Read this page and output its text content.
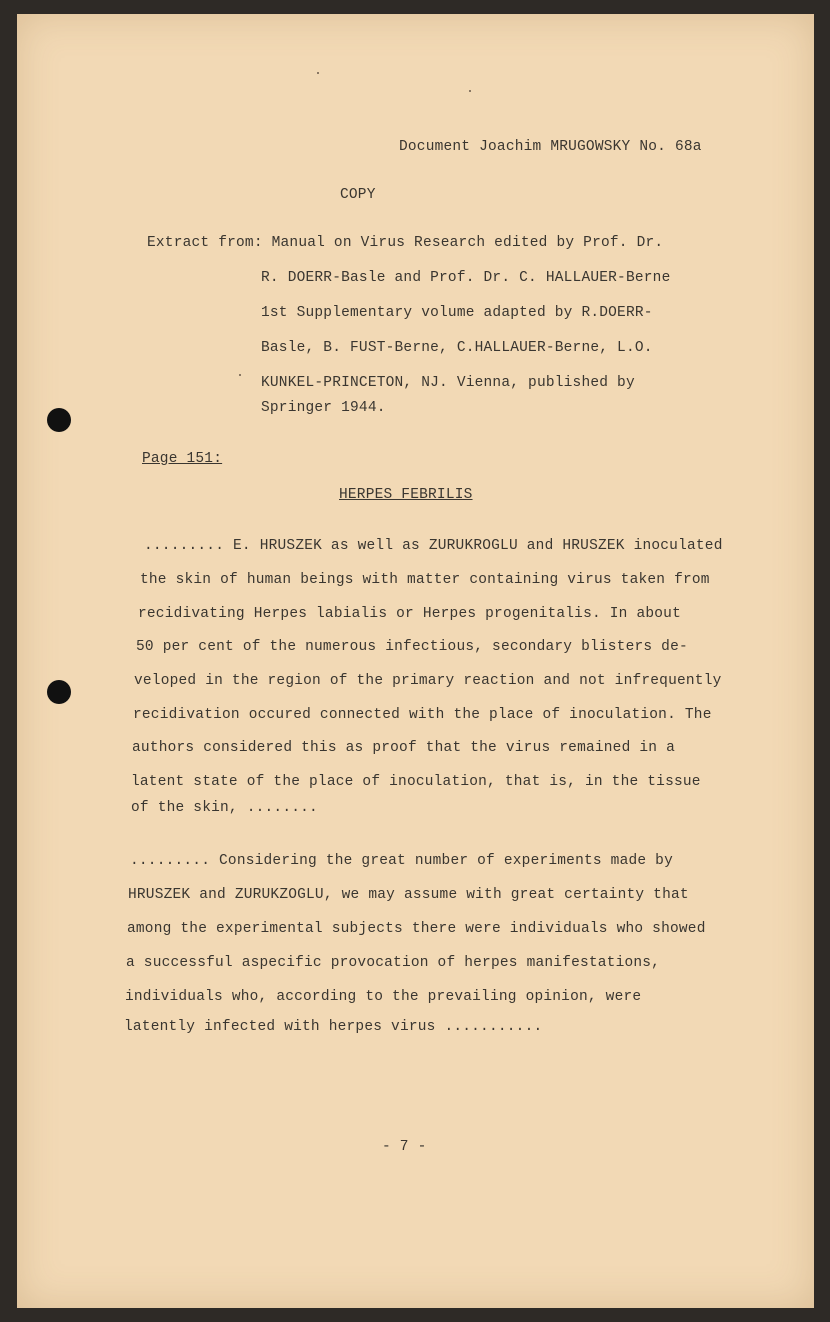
Document Joachim MRUGOWSKY No. 68a
COPY
Extract from: Manual on Virus Research edited by Prof. Dr.
R. DOERR-Basle and Prof. Dr. C. HALLAUER-Berne
1st Supplementary volume adapted by R.DOERR-
Basle, B. FUST-Berne, C.HALLAUER-Berne, L.O.
KUNKEL-PRINCETON, NJ. Vienna, published by
Springer 1944.
Page 151:
HERPES FEBRILIS
......... E. HRUSZEK as well as ZURUKROGLU and HRUSZEK inoculated
the skin of human beings with matter containing virus taken from
recidivating Herpes labialis or Herpes progenitalis. In about
50 per cent of the numerous infectious, secondary blisters de-
veloped in the region of the primary reaction and not infrequently
recidivation occured connected with the place of inoculation. The
authors considered this as proof that the virus remained in a
latent state of the place of inoculation, that is, in the tissue
of the skin, ........
......... Considering the great number of experiments made by
HRUSZEK and ZURUKZOGLU, we may assume with great certainty that
among the experimental subjects there were individuals who showed
a successful aspecific provocation of herpes manifestations,
individuals who, according to the prevailing opinion, were
latently infected with herpes virus ...........
- 7 -
